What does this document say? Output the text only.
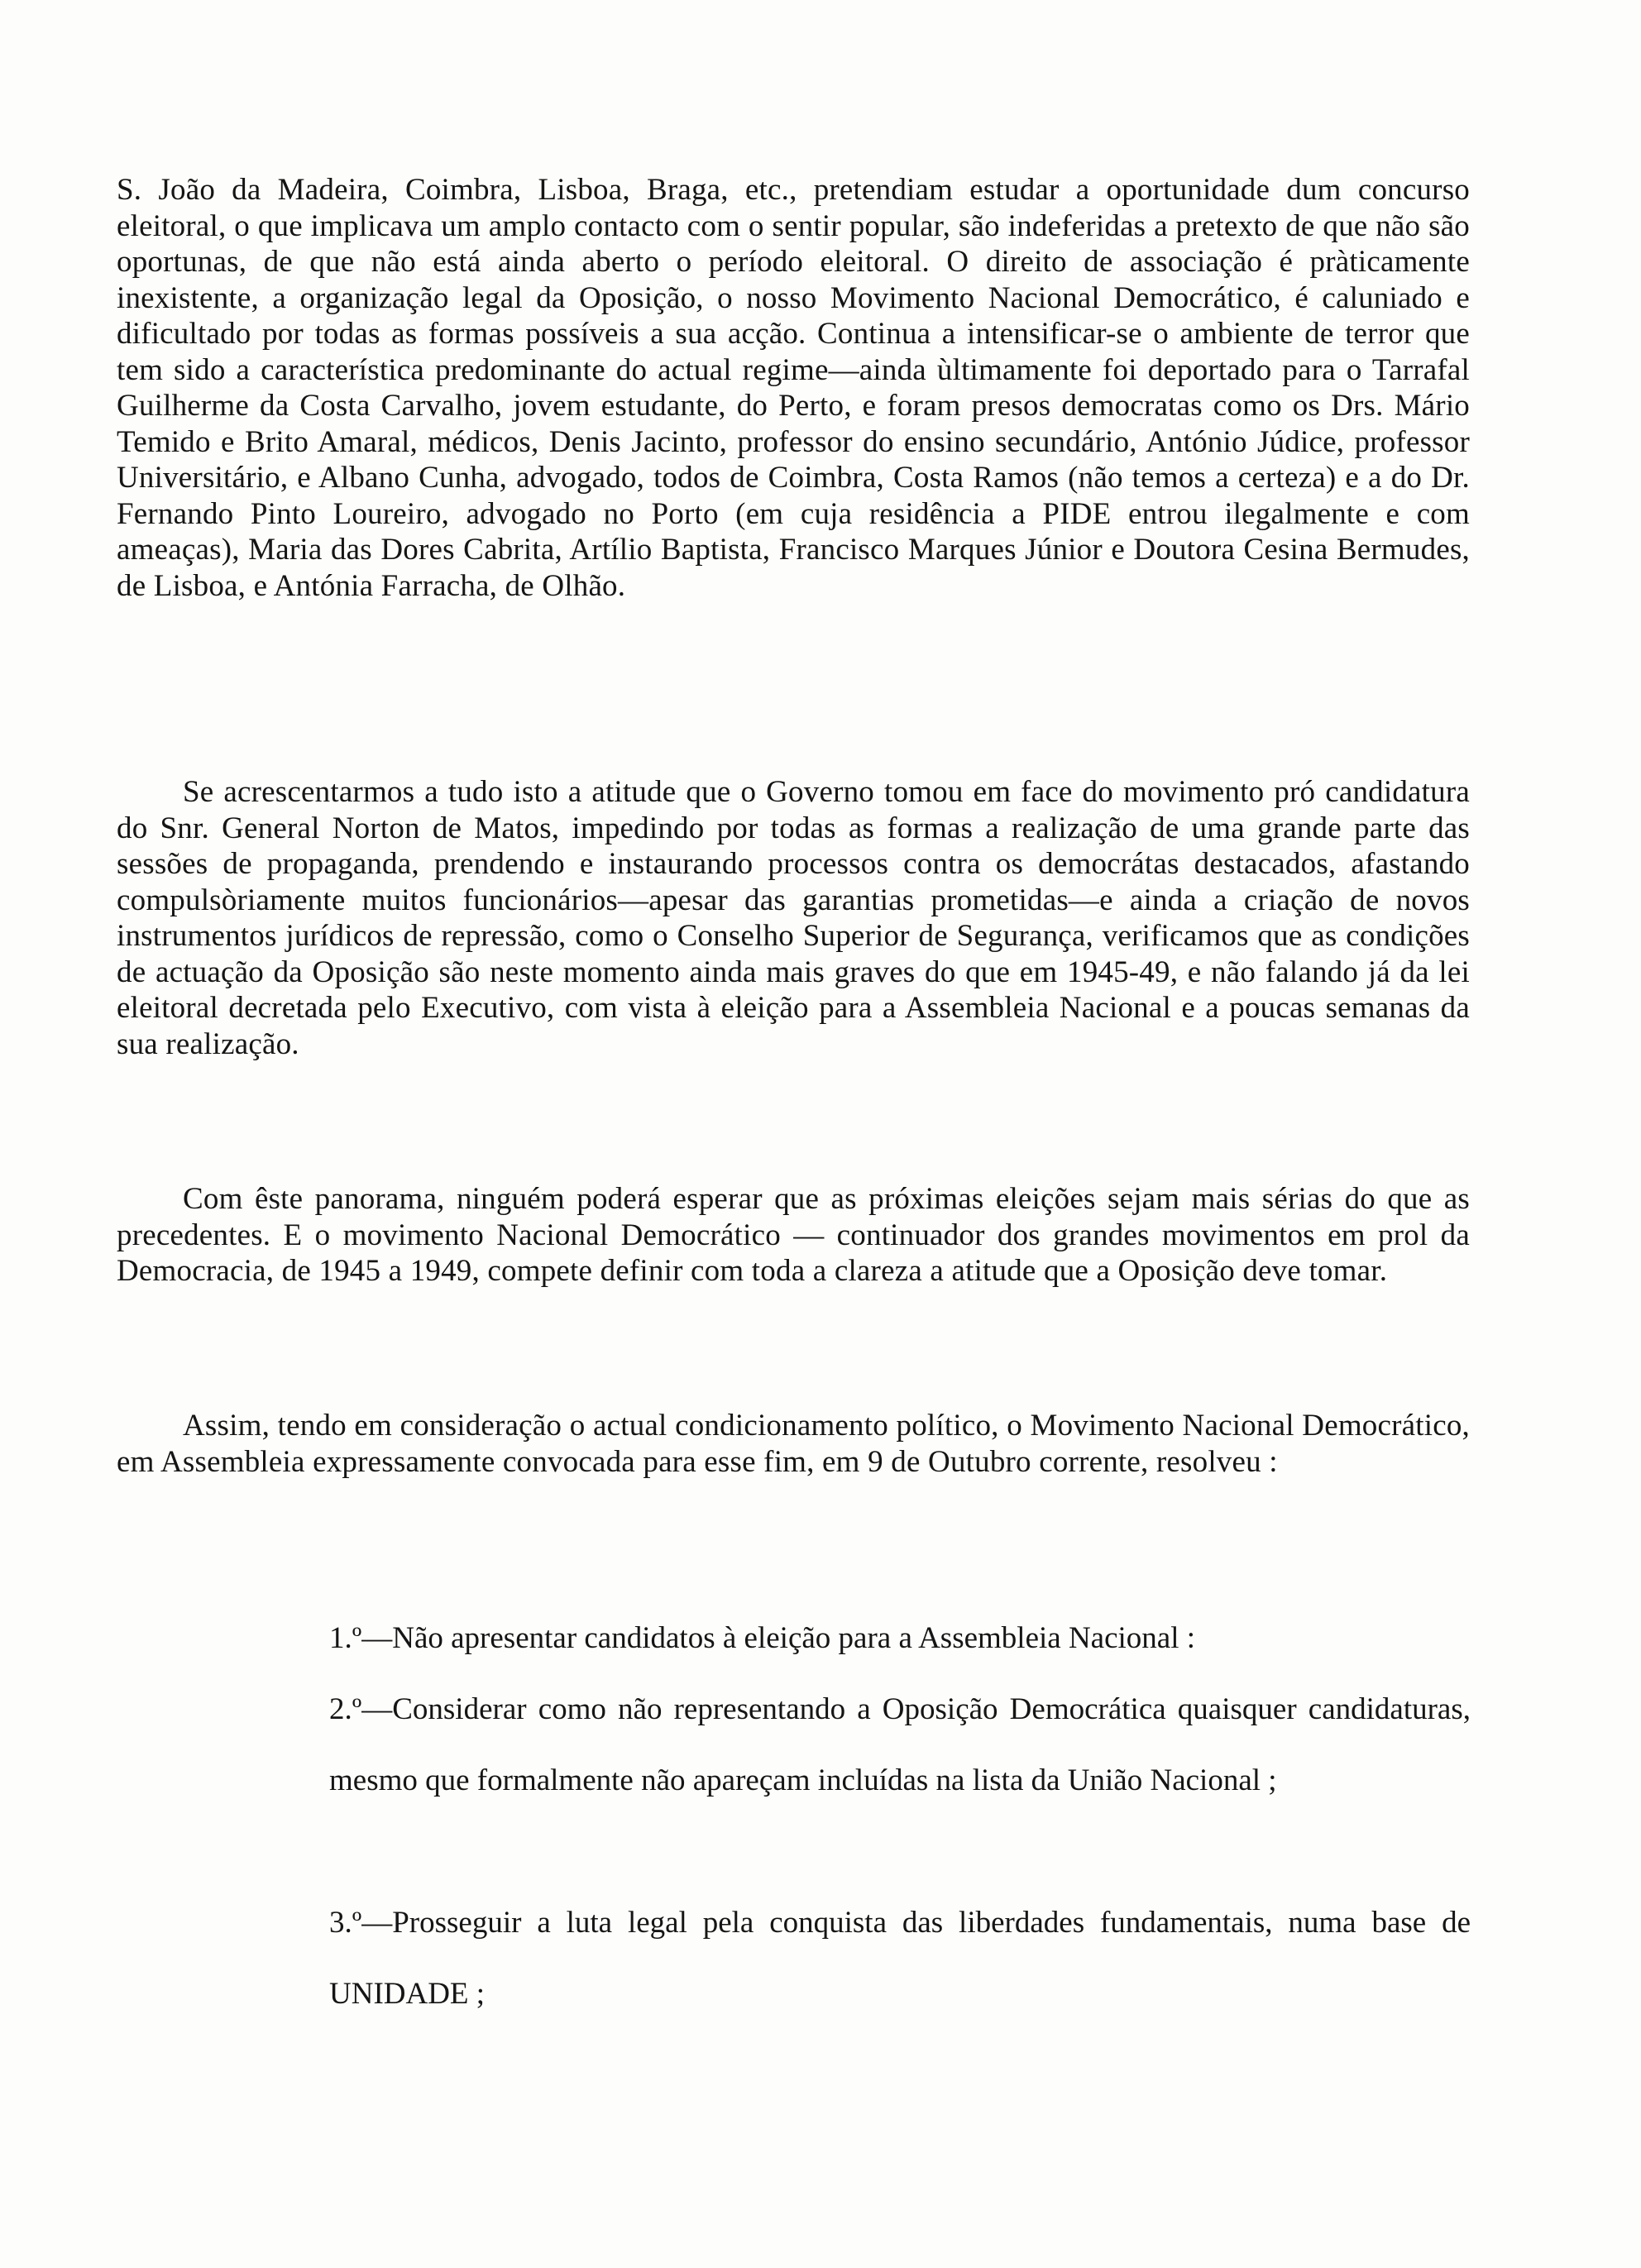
S. João da Madeira, Coimbra, Lisboa, Braga, etc., pretendiam estudar a oportunidade dum concurso eleitoral, o que implicava um amplo contacto com o sentir popular, são indeferidas a pretexto de que não são oportunas, de que não está ainda aberto o período eleitoral. O direito de associação é pràticamente inexistente, a organização legal da Oposição, o nosso Movimento Nacional Democrático, é caluniado e dificultado por todas as formas possíveis a sua acção. Continua a intensificar-se o ambiente de terror que tem sido a característica predominante do actual regime—ainda ùltimamente foi deportado para o Tarrafal Guilherme da Costa Carvalho, jovem estudante, do Perto, e foram presos democratas como os Drs. Mário Temido e Brito Amaral, médicos, Denis Jacinto, professor do ensino secundário, António Júdice, professor Universitário, e Albano Cunha, advogado, todos de Coimbra, Costa Ramos (não temos a certeza) e a do Dr. Fernando Pinto Loureiro, advogado no Porto (em cuja residência a PIDE entrou ilegalmente e com ameaças), Maria das Dores Cabrita, Artílio Baptista, Francisco Marques Júnior e Doutora Cesina Bermudes, de Lisboa, e Antónia Farracha, de Olhão.

Se acrescentarmos a tudo isto a atitude que o Governo tomou em face do movimento pró candidatura do Snr. General Norton de Matos, impedindo por todas as formas a realização de uma grande parte das sessões de propaganda, prendendo e instaurando processos contra os democrátas destacados, afastando compulsòriamente muitos funcionários—apesar das garantias prometidas—e ainda a criação de novos instrumentos jurídicos de repressão, como o Conselho Superior de Segurança, verificamos que as condições de actuação da Oposição são neste momento ainda mais graves do que em 1945-49, e não falando já da lei eleitoral decretada pelo Executivo, com vista à eleição para a Assembleia Nacional e a poucas semanas da sua realização.

Com êste panorama, ninguém poderá esperar que as próximas eleições sejam mais sérias do que as precedentes. E o movimento Nacional Democrático — continuador dos grandes movimentos em prol da Democracia, de 1945 a 1949, compete definir com toda a clareza a atitude que a Oposição deve tomar.

Assim, tendo em consideração o actual condicionamento político, o Movimento Nacional Democrático, em Assembleia expressamente convocada para esse fim, em 9 de Outubro corrente, resolveu :

1.º—Não apresentar candidatos à eleição para a Assembleia Nacional :

2.º—Considerar como não representando a Oposição Democrática quaisquer candidaturas, mesmo que formalmente não apareçam incluídas na lista da União Nacional ;

3.º—Prosseguir a luta legal pela conquista das liberdades fundamentais, numa base de UNIDADE ;
